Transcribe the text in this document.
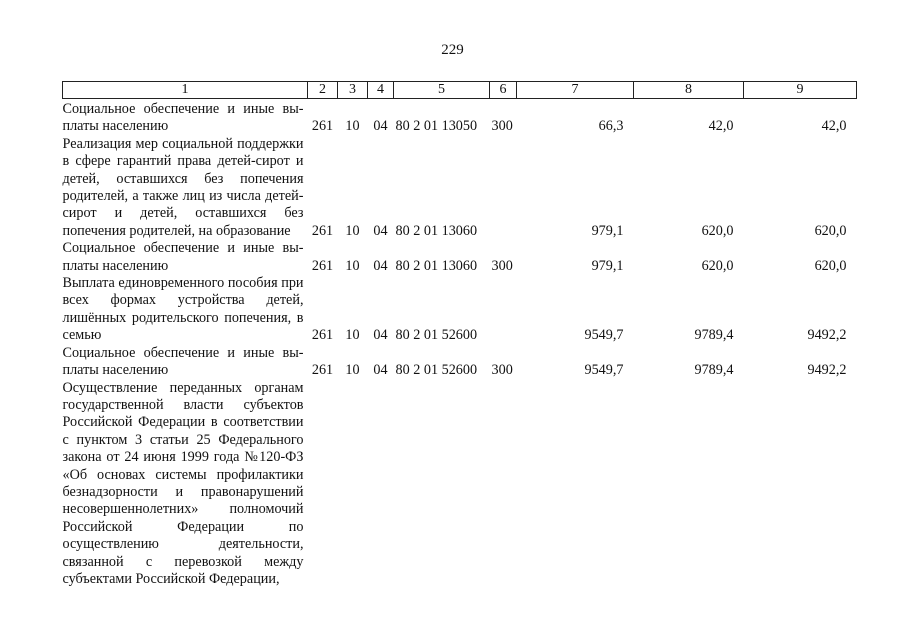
229
1	2	3	4	5	6	7	8	9
Социальное обеспечение и иные выплаты населению	261	10	04	80 2 01 13050	300	66,3	42,0	42,0
Реализация мер социальной поддержки в сфере гарантий права детей-сирот и детей, оставшихся без попечения родителей, а также лиц из числа детей-сирот и детей, оставшихся без попечения родителей, на образование	261	10	04	80 2 01 13060		979,1	620,0	620,0
Социальное обеспечение и иные выплаты населению	261	10	04	80 2 01 13060	300	979,1	620,0	620,0
Выплата единовременного пособия при всех формах устройства детей, лишённых родительского попечения, в семью	261	10	04	80 2 01 52600		9549,7	9789,4	9492,2
Социальное обеспечение и иные выплаты населению	261	10	04	80 2 01 52600	300	9549,7	9789,4	9492,2
Осуществление переданных органам государственной власти субъектов Российской Федерации в соответствии с пунктом 3 статьи 25 Федерального закона от 24 июня 1999 года №120-ФЗ «Об основах системы профилактики безнадзорности и правонарушений несовершеннолетних» полномочий Российской Федерации по осуществлению деятельности, связанной с перевозкой между субъектами Российской Федерации,								
